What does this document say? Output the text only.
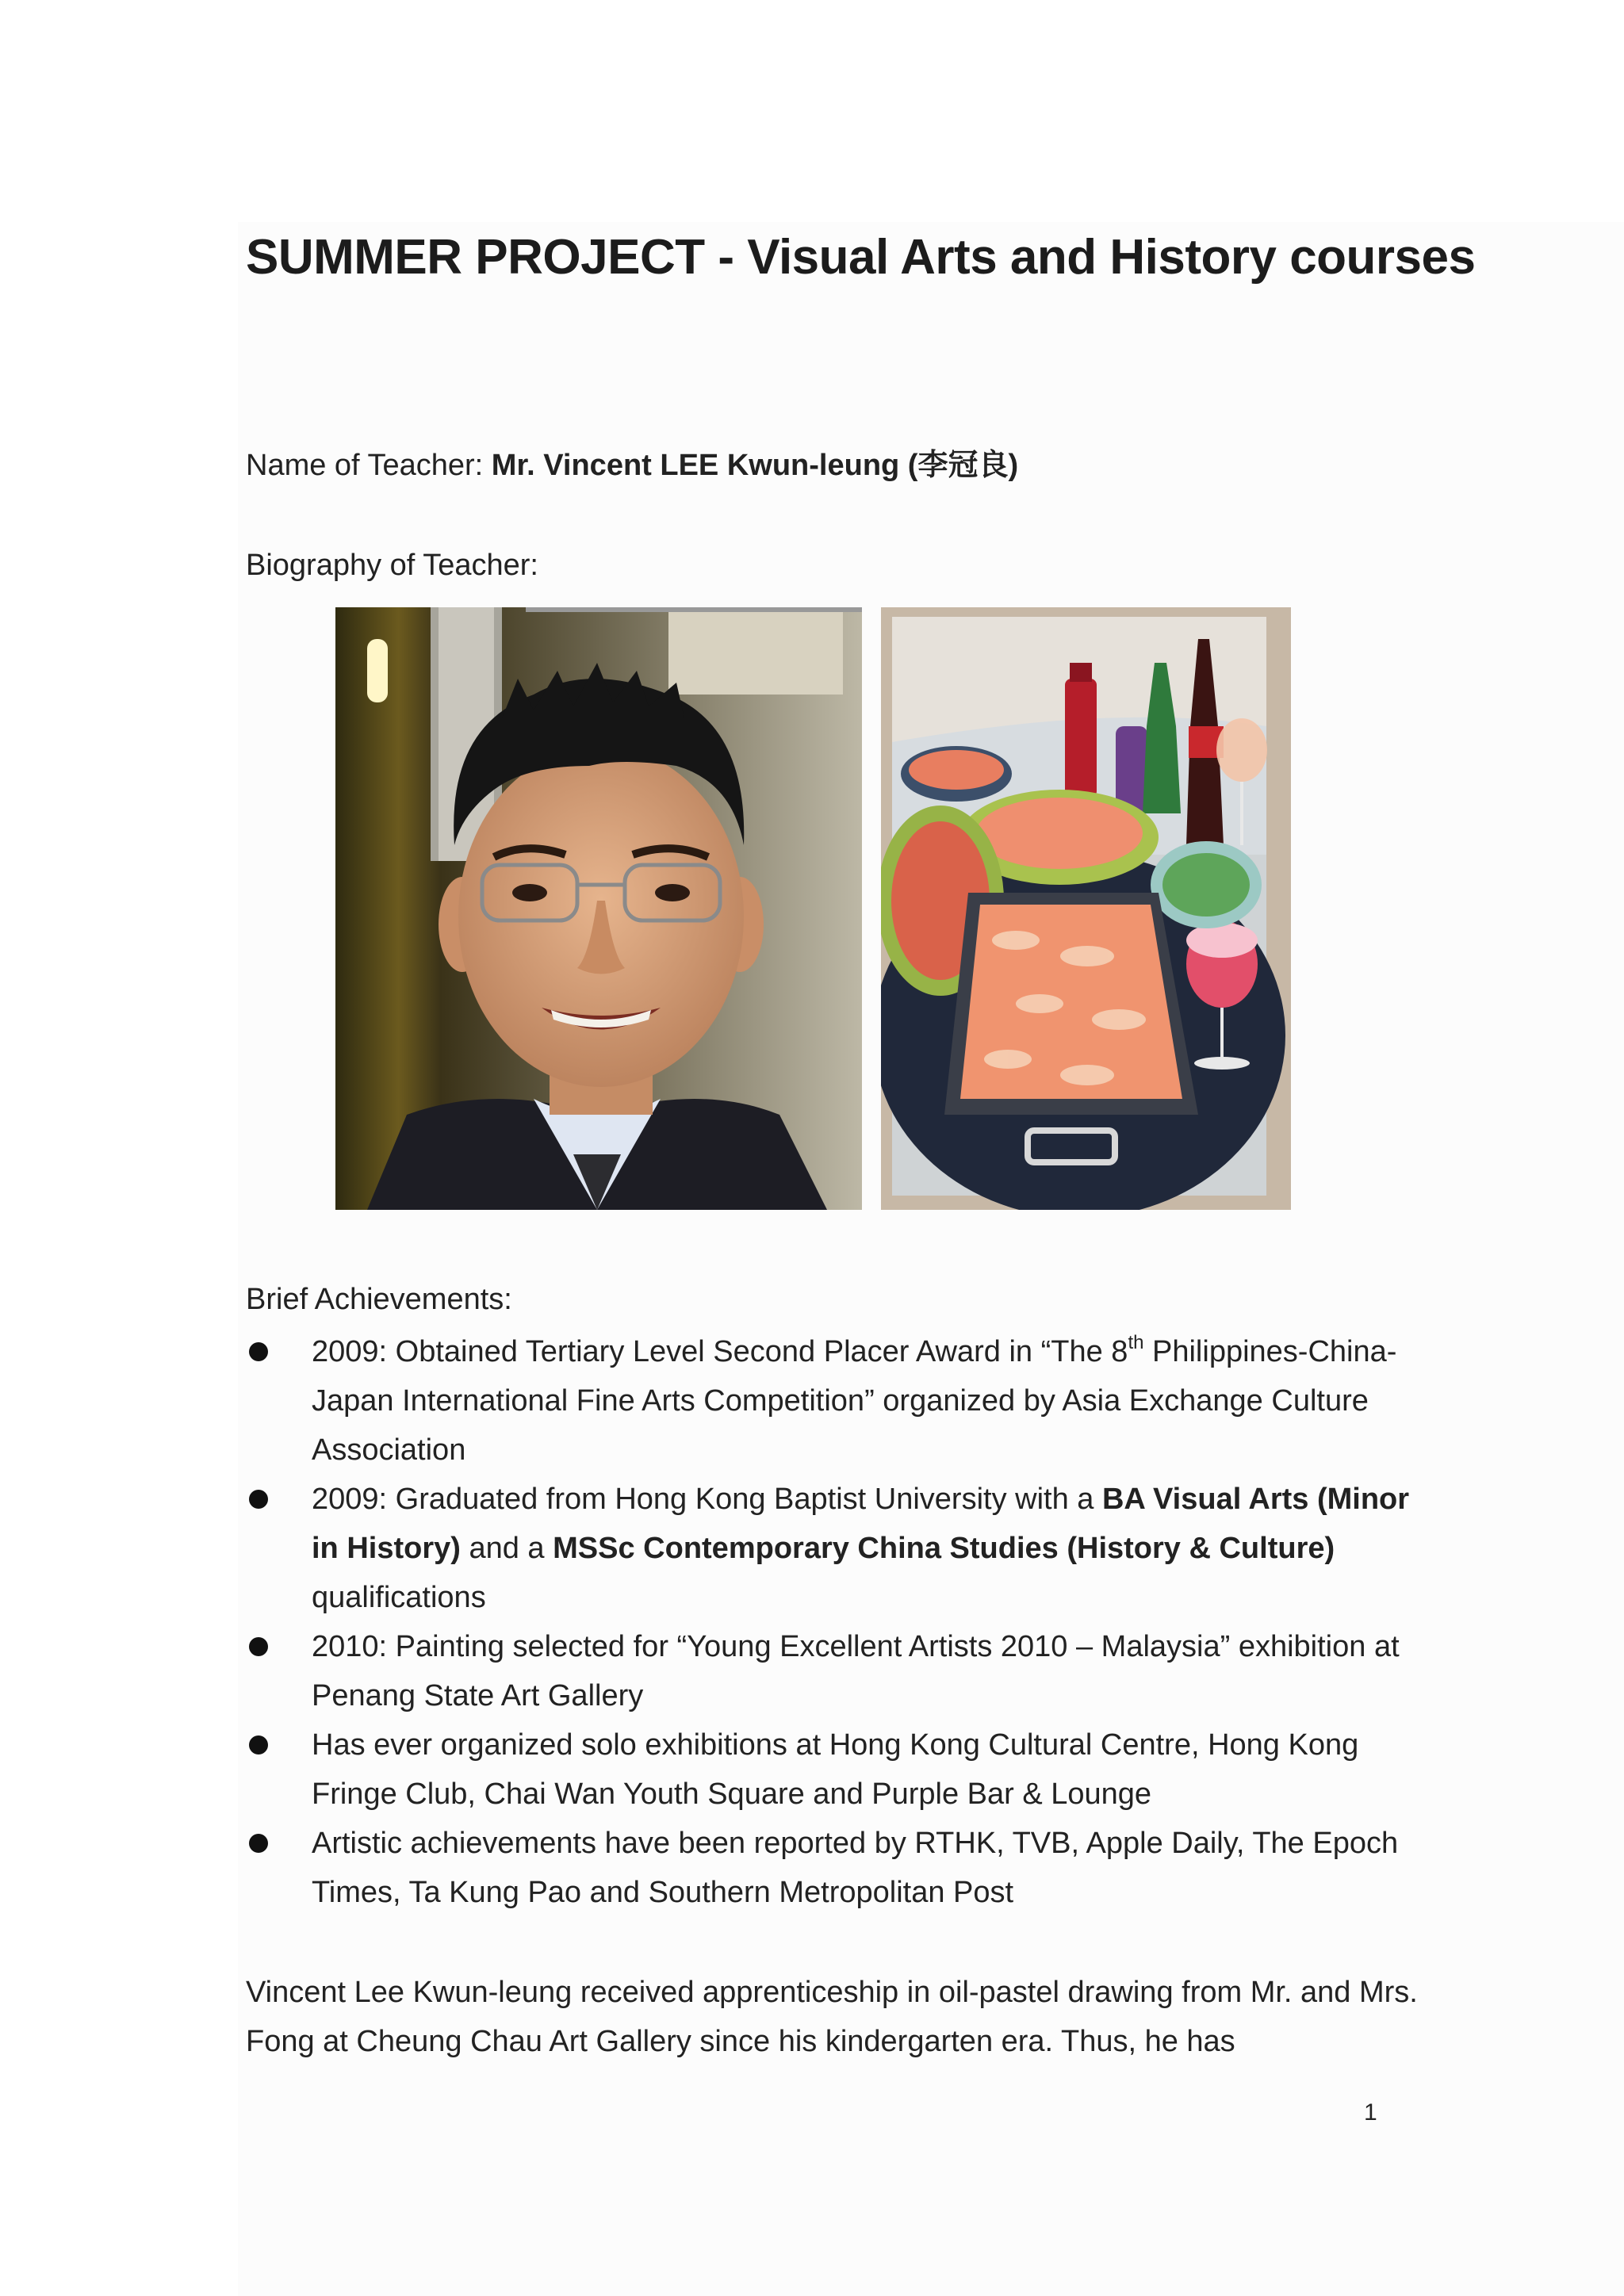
SUMMER PROJECT - Visual Arts and History courses
Name of Teacher: Mr. Vincent LEE Kwun-leung (李冠良)
Biography of Teacher:
Brief Achievements:
2009: Obtained Tertiary Level Second Placer Award in “The 8th Philippines-China-Japan International Fine Arts Competition” organized by Asia Exchange Culture Association
2009: Graduated from Hong Kong Baptist University with a BA Visual Arts (Minor in History) and a MSSc Contemporary China Studies (History & Culture) qualifications
2010: Painting selected for “Young Excellent Artists 2010 – Malaysia” exhibition at Penang State Art Gallery
Has ever organized solo exhibitions at Hong Kong Cultural Centre, Hong Kong Fringe Club, Chai Wan Youth Square and Purple Bar & Lounge
Artistic achievements have been reported by RTHK, TVB, Apple Daily, The Epoch Times, Ta Kung Pao and Southern Metropolitan Post
Vincent Lee Kwun-leung received apprenticeship in oil-pastel drawing from Mr. and Mrs. Fong at Cheung Chau Art Gallery since his kindergarten era. Thus, he has
1
